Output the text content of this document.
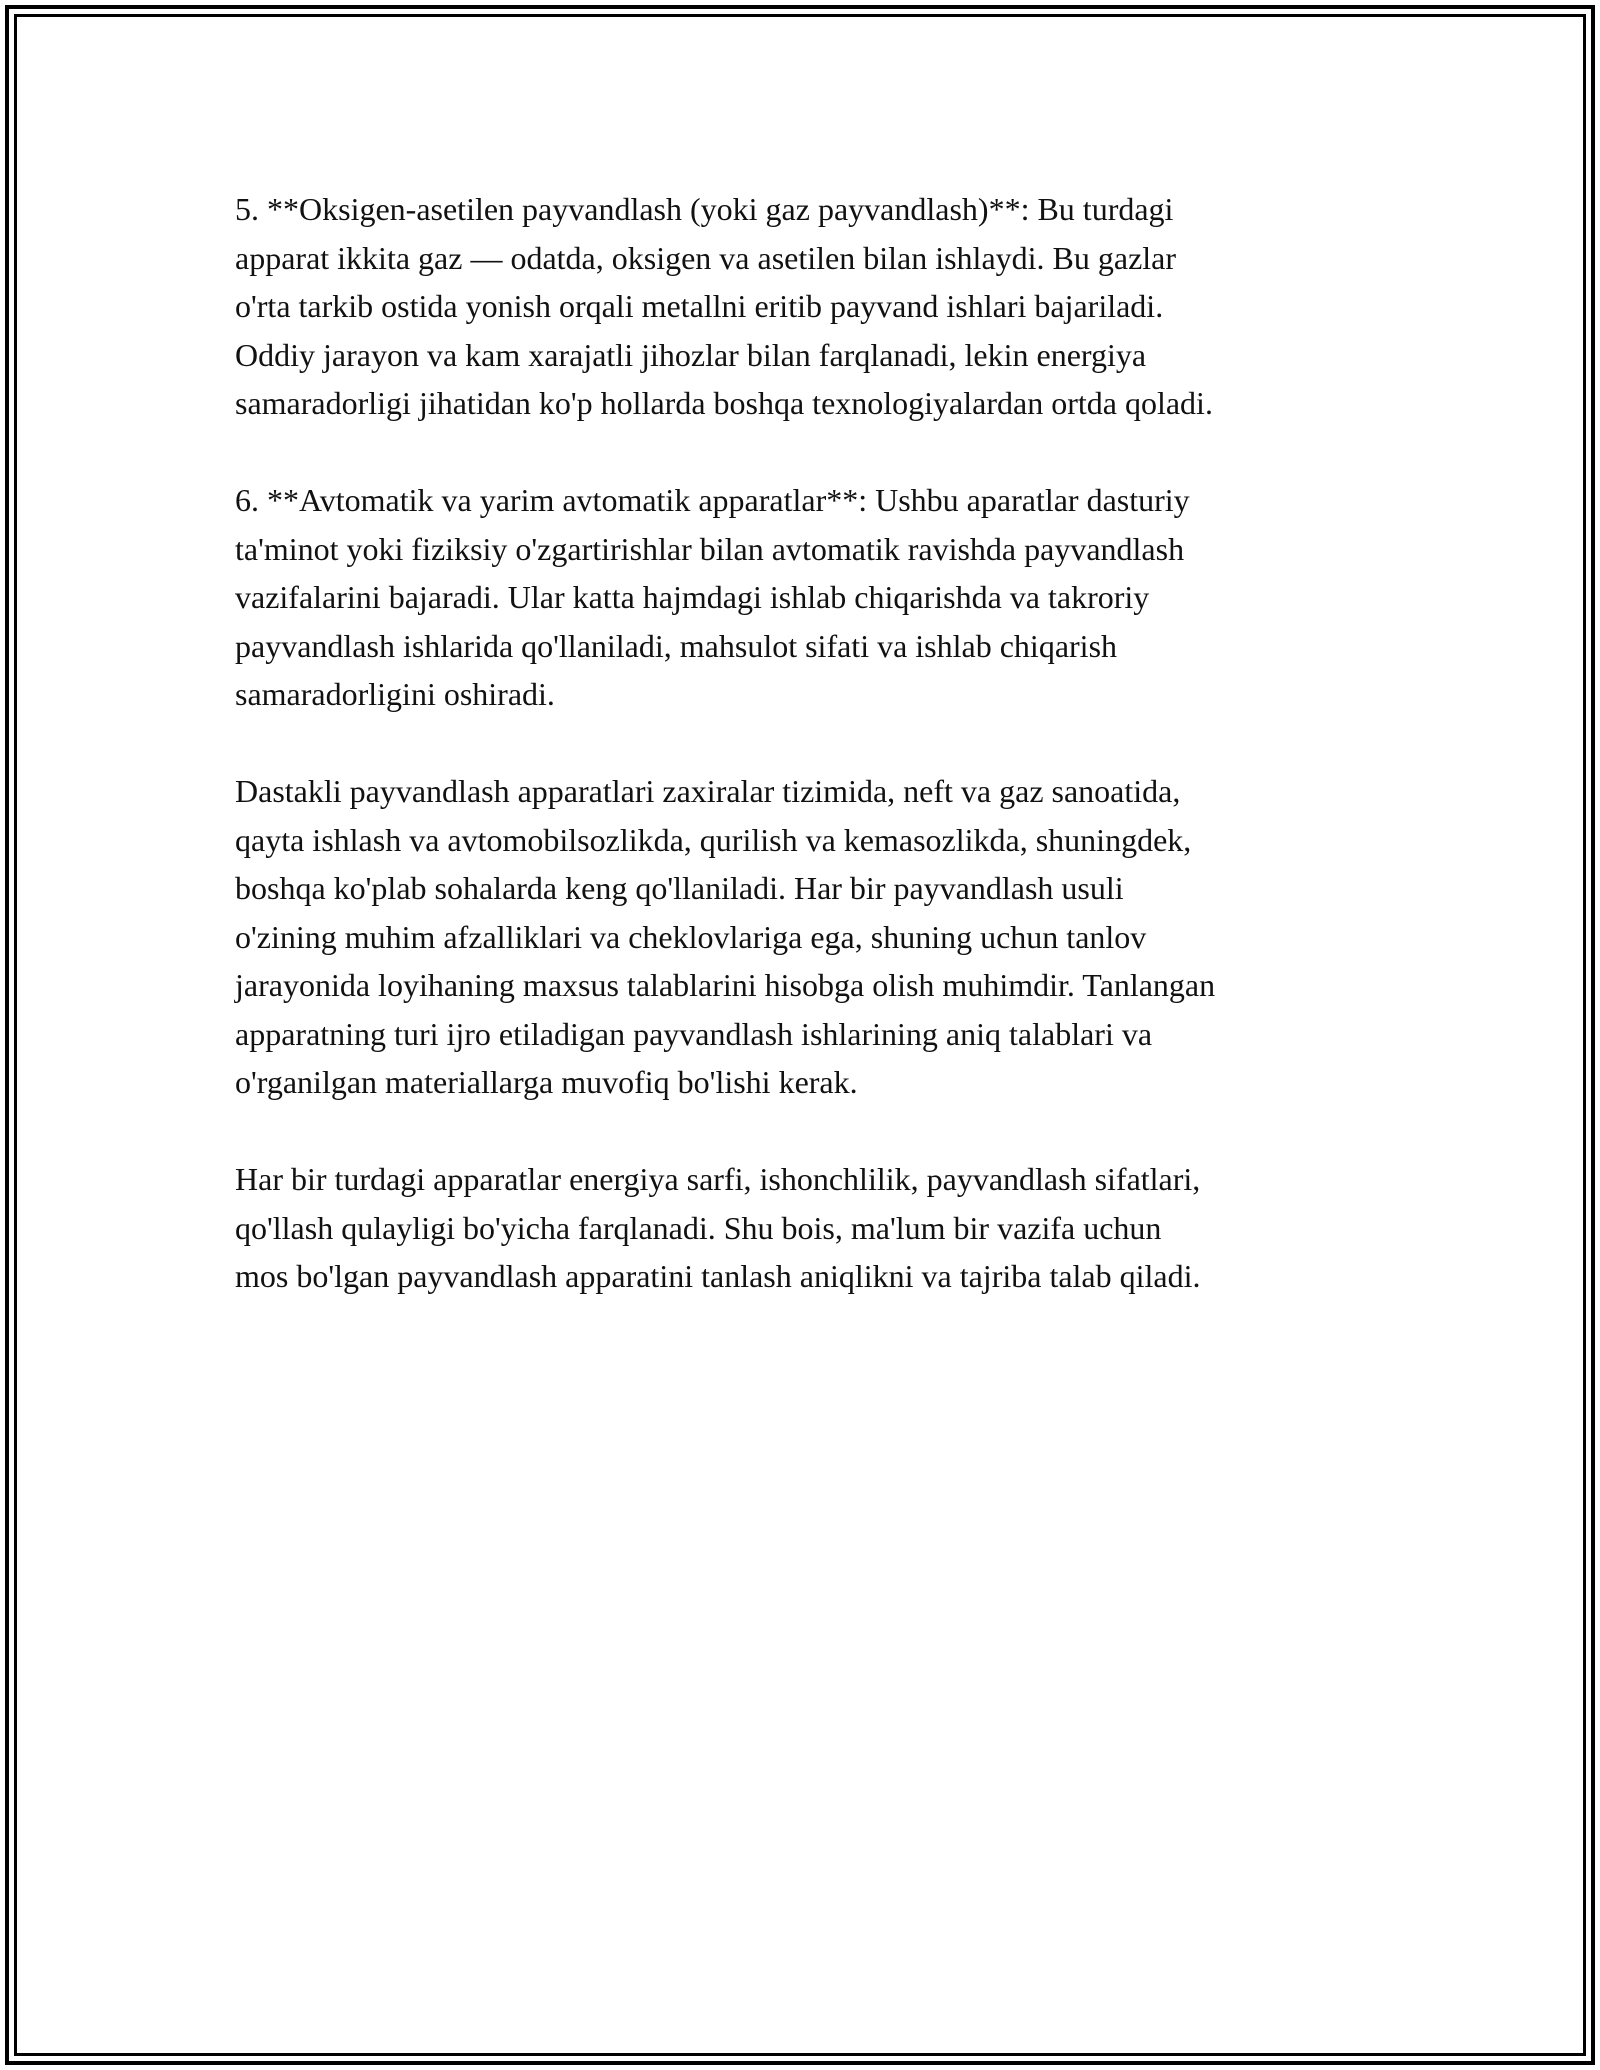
5. **Oksigen-asetilen payvandlash (yoki gaz payvandlash)**: Bu turdagi
apparat ikkita gaz — odatda, oksigen va asetilen bilan ishlaydi. Bu gazlar
o'rta tarkib ostida yonish orqali metallni eritib payvand ishlari bajariladi.
Oddiy jarayon va kam xarajatli jihozlar bilan farqlanadi, lekin energiya
samaradorligi jihatidan ko'p hollarda boshqa texnologiyalardan ortda qoladi.

6. **Avtomatik va yarim avtomatik apparatlar**: Ushbu aparatlar dasturiy
ta'minot yoki fiziksiy o'zgartirishlar bilan avtomatik ravishda payvandlash
vazifalarini bajaradi. Ular katta hajmdagi ishlab chiqarishda va takroriy
payvandlash ishlarida qo'llaniladi, mahsulot sifati va ishlab chiqarish
samaradorligini oshiradi.

Dastakli payvandlash apparatlari zaxiralar tizimida, neft va gaz sanoatida,
qayta ishlash va avtomobilsozlikda, qurilish va kemasozlikda, shuningdek,
boshqa ko'plab sohalarda keng qo'llaniladi. Har bir payvandlash usuli
o'zining muhim afzalliklari va cheklovlariga ega, shuning uchun tanlov
jarayonida loyihaning maxsus talablarini hisobga olish muhimdir. Tanlangan
apparatning turi ijro etiladigan payvandlash ishlarining aniq talablari va
o'rganilgan materiallarga muvofiq bo'lishi kerak.

Har bir turdagi apparatlar energiya sarfi, ishonchlilik, payvandlash sifatlari,
qo'llash qulayligi bo'yicha farqlanadi. Shu bois, ma'lum bir vazifa uchun
mos bo'lgan payvandlash apparatini tanlash aniqlikni va tajriba talab qiladi.
